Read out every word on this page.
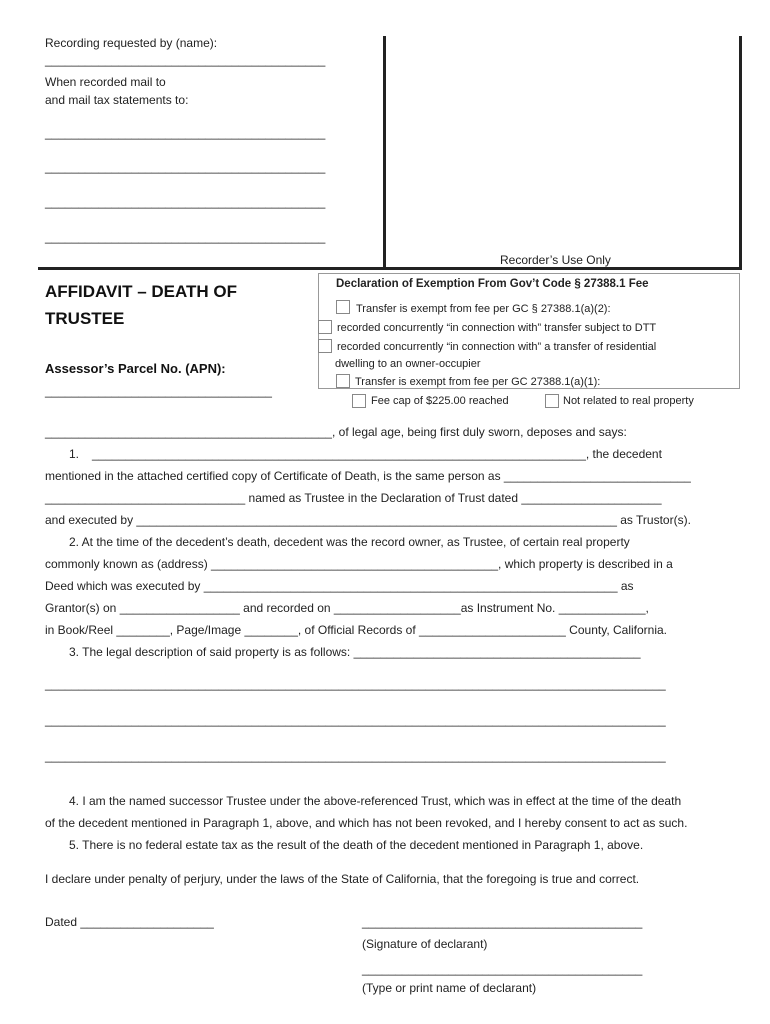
Recording requested by (name):
__________________________________________
When recorded mail to
and mail tax statements to:
__________________________________________
__________________________________________
__________________________________________
__________________________________________
Recorder’s Use Only
AFFIDAVIT – DEATH OF
TRUSTEE
Assessor’s Parcel No. (APN):
__________________________________
Declaration of Exemption From Gov’t Code § 27388.1 Fee
Transfer is exempt from fee per GC § 27388.1(a)(2):
recorded concurrently “in connection with” transfer subject to DTT
recorded concurrently “in connection with” a transfer of residential
dwelling to an owner-occupier
Transfer is exempt from fee per GC 27388.1(a)(1):
Fee cap of $225.00 reached	Not related to real property
___________________________________________, of legal age, being first duly sworn, deposes and says:
1. __________________________________________________________________________, the decedent
mentioned in the attached certified copy of Certificate of Death, is the same person as ____________________________
______________________________ named as Trustee in the Declaration of Trust dated _____________________
and executed by ________________________________________________________________________ as Trustor(s).
2. At the time of the decedent’s death, decedent was the record owner, as Trustee, of certain real property
commonly known as (address) ___________________________________________, which property is described in a
Deed which was executed by ______________________________________________________________ as
Grantor(s) on __________________ and recorded on ___________________as Instrument No. _____________,
in Book/Reel ________, Page/Image ________, of Official Records of ______________________ County, California.
3. The legal description of said property is as follows: ___________________________________________
_____________________________________________________________________________________________
_____________________________________________________________________________________________
_____________________________________________________________________________________________
4. I am the named successor Trustee under the above-referenced Trust, which was in effect at the time of the death
of the decedent mentioned in Paragraph 1, above, and which has not been revoked, and I hereby consent to act as such.
5. There is no federal estate tax as the result of the death of the decedent mentioned in Paragraph 1, above.
I declare under penalty of perjury, under the laws of the State of California, that the foregoing is true and correct.
Dated ____________________	__________________________________________
(Signature of declarant)
__________________________________________
(Type or print name of declarant)
